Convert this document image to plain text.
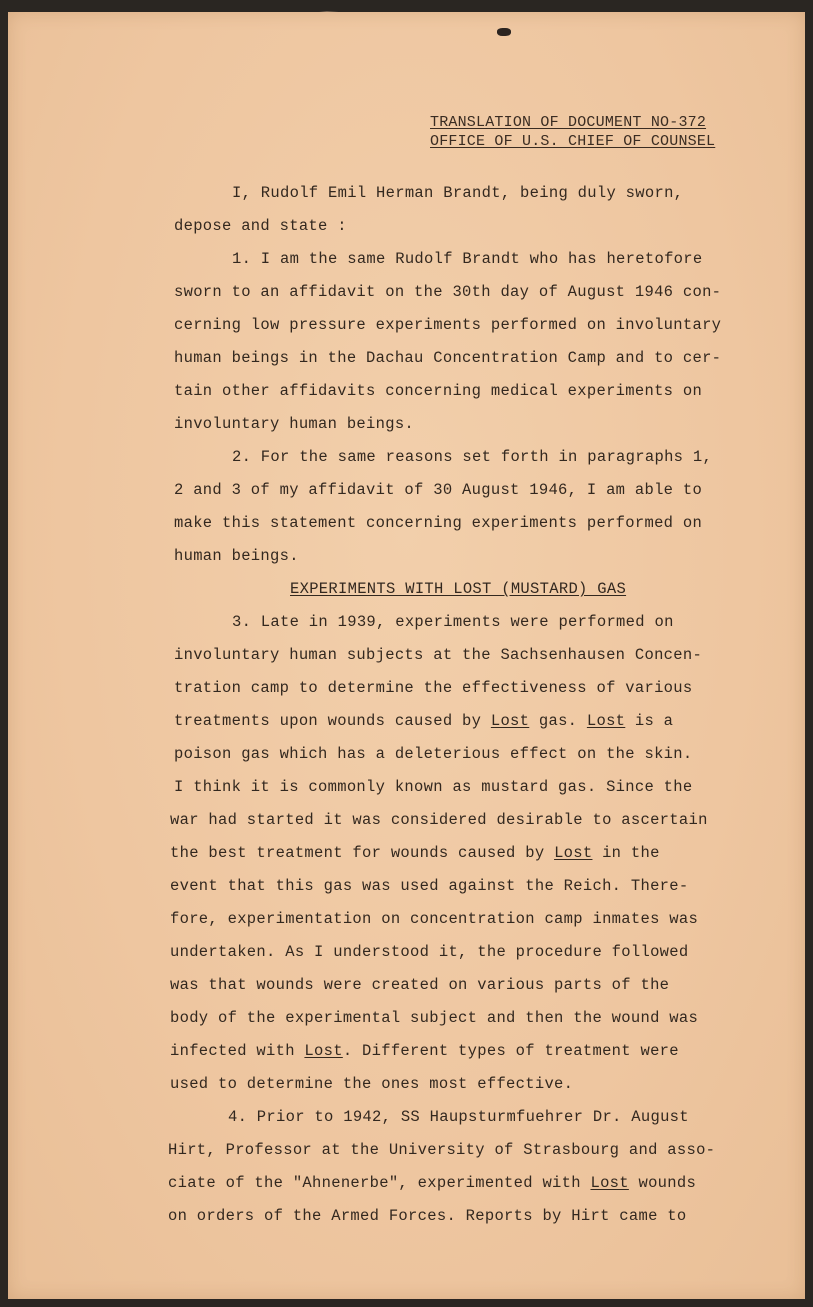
TRANSLATION OF DOCUMENT NO-372
OFFICE OF U.S. CHIEF OF COUNSEL
I, Rudolf Emil Herman Brandt, being duly sworn,
depose and state :
1. I am the same Rudolf Brandt who has heretofore
sworn to an affidavit on the 30th day of August 1946 con-
cerning low pressure experiments performed on involuntary
human beings in the Dachau Concentration Camp and to cer-
tain other affidavits concerning medical experiments on
involuntary human beings.
2. For the same reasons set forth in paragraphs 1,
2 and 3 of my affidavit of 30 August 1946, I am able to
make this statement concerning experiments performed on
human beings.
EXPERIMENTS WITH LOST (MUSTARD) GAS
3. Late in 1939, experiments were performed on
involuntary human subjects at the Sachsenhausen Concen-
tration camp to determine the effectiveness of various
treatments upon wounds caused by Lost gas. Lost is a
poison gas which has a deleterious effect on the skin.
I think it is commonly known as mustard gas. Since the
war had started it was considered desirable to ascertain
the best treatment for wounds caused by Lost in the
event that this gas was used against the Reich. There-
fore, experimentation on concentration camp inmates was
undertaken. As I understood it, the procedure followed
was that wounds were created on various parts of the
body of the experimental subject and then the wound was
infected with Lost. Different types of treatment were
used to determine the ones most effective.
4. Prior to 1942, SS Haupsturmfuehrer Dr. August
Hirt, Professor at the University of Strasbourg and asso-
ciate of the "Ahnenerbe", experimented with Lost wounds
on orders of the Armed Forces. Reports by Hirt came to
